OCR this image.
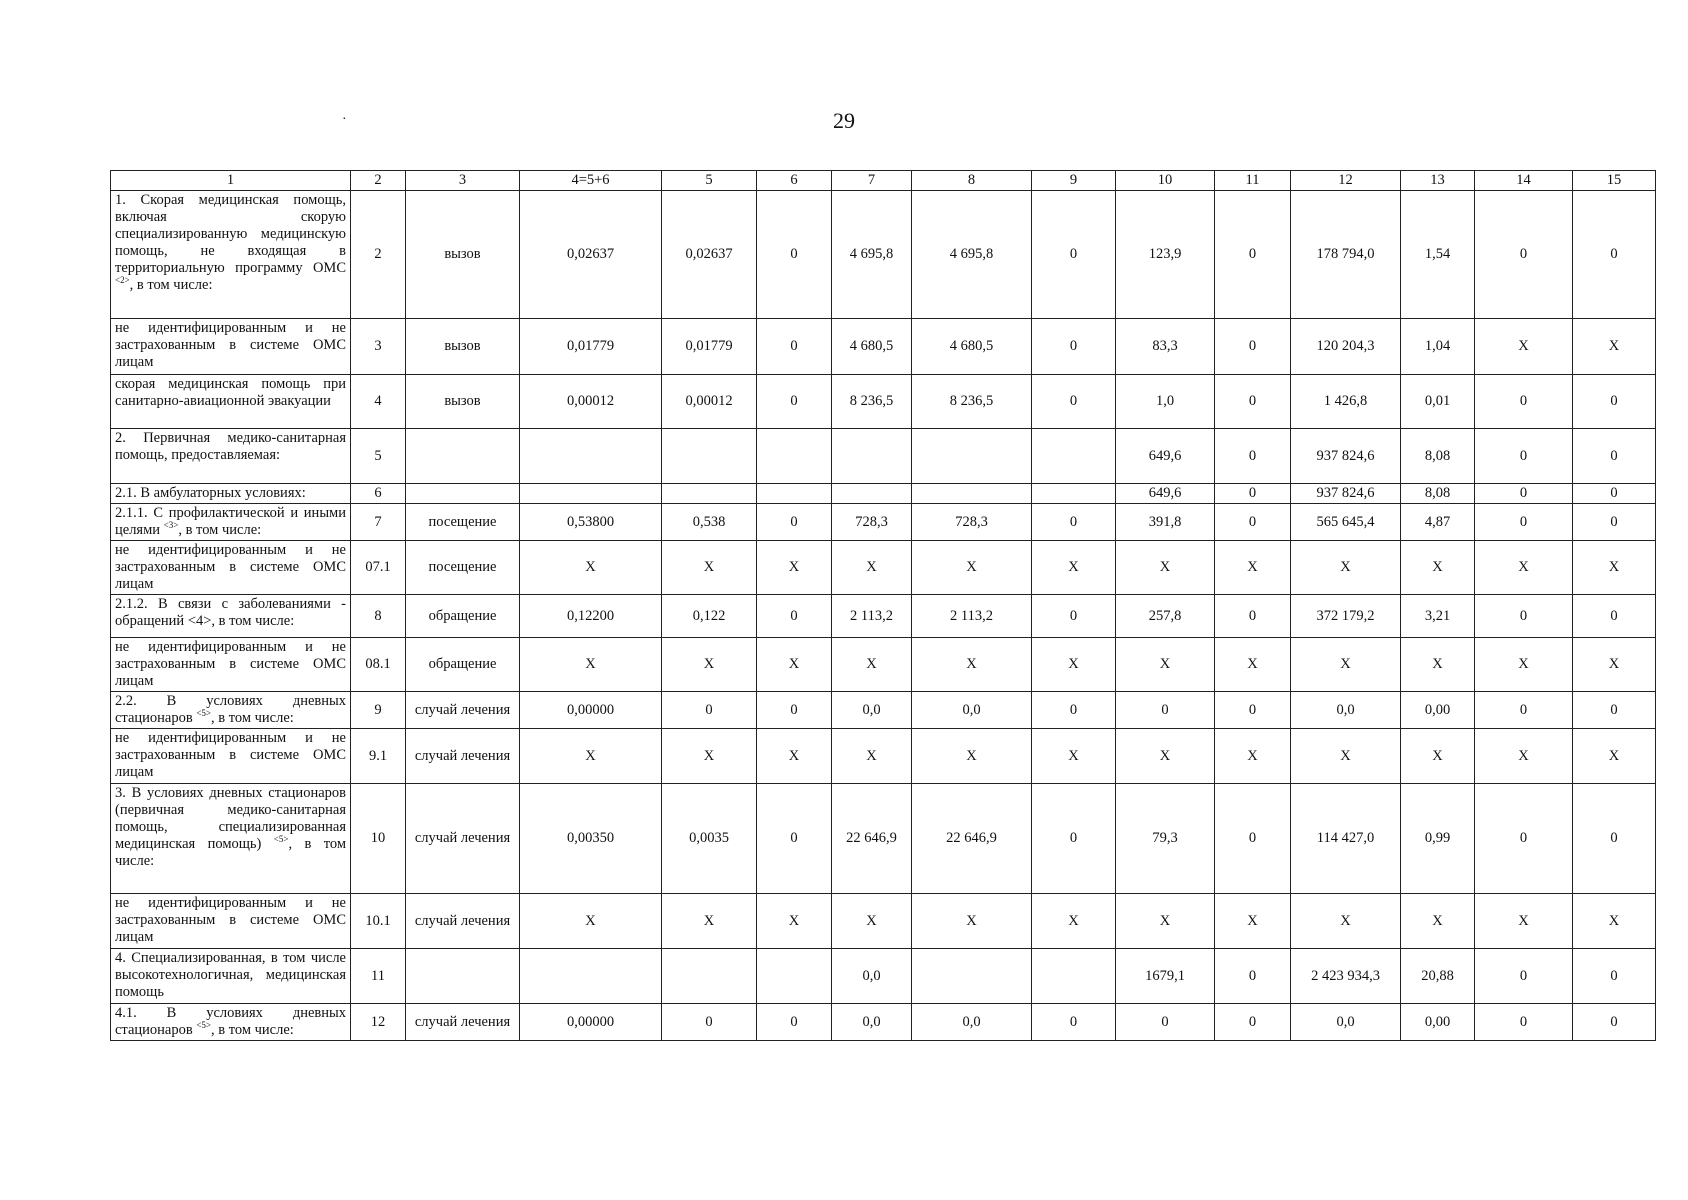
·	29
1	2	3	4=5+6	5	6	7	8	9	10	11	12	13	14	15
1. Скорая медицинская помощь, включая скорую специализированную медицинскую помощь, не входящая в территориальную программу ОМС $^{<2>}$, в том числе:	2	вызов	0,02637	0,02637	0	4 695,8	4 695,8	0	123,9	0	178 794,0	1,54	0	0
не идентифицированным и не застрахованным в системе ОМС лицам	3	вызов	0,01779	0,01779	0	4 680,5	4 680,5	0	83,3	0	120 204,3	1,04	X	X
скорая медицинская помощь при санитарно-авиационной эвакуации	4	вызов	0,00012	0,00012	0	8 236,5	8 236,5	0	1,0	0	1 426,8	0,01	0	0
2. Первичная медико-санитарная помощь, предоставляемая:	5								649,6	0	937 824,6	8,08	0	0
2.1. В амбулаторных условиях:	6								649,6	0	937 824,6	8,08	0	0
2.1.1. С профилактической и иными целями $^{<3>}$, в том числе:	7	посещение	0,53800	0,538	0	728,3	728,3	0	391,8	0	565 645,4	4,87	0	0
не идентифицированным и не застрахованным в системе ОМС лицам	07.1	посещение	X	X	X	X	X	X	X	X	X	X	X	X
2.1.2. В связи с заболеваниями - обращений <4>, в том числе:	8	обращение	0,12200	0,122	0	2 113,2	2 113,2	0	257,8	0	372 179,2	3,21	0	0
не идентифицированным и не застрахованным в системе ОМС лицам	08.1	обращение	X	X	X	X	X	X	X	X	X	X	X	X
2.2. В условиях дневных стационаров $^{<5>}$, в том числе:	9	случай лечения	0,00000	0	0	0,0	0,0	0	0	0	0,0	0,00	0	0
не идентифицированным и не застрахованным в системе ОМС лицам	9.1	случай лечения	X	X	X	X	X	X	X	X	X	X	X	X
3. В условиях дневных стационаров (первичная медико-санитарная помощь, специализированная медицинская помощь) $^{<5>}$, в том числе:	10	случай лечения	0,00350	0,0035	0	22 646,9	22 646,9	0	79,3	0	114 427,0	0,99	0	0
не идентифицированным и не застрахованным в системе ОМС лицам	10.1	случай лечения	X	X	X	X	X	X	X	X	X	X	X	X
4. Специализированная, в том числе высокотехнологичная, медицинская помощь	11					0,0			1679,1	0	2 423 934,3	20,88	0	0
4.1. В условиях дневных стационаров $^{<5>}$, в том числе:	12	случай лечения	0,00000	0	0	0,0	0,0	0	0	0	0,0	0,00	0	0
